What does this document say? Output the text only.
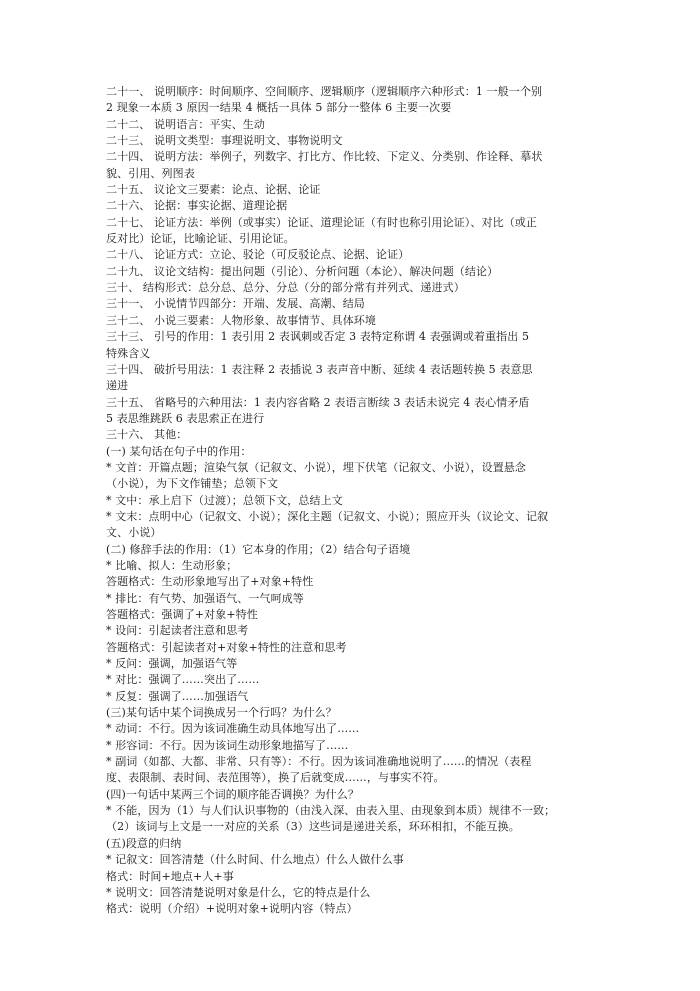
二十一、 说明顺序：时间顺序、空间顺序、逻辑顺序（逻辑顺序六种形式：1 一般一个别
2 现象一本质 3 原因一结果 4 概括一具体 5 部分一整体 6 主要一次要
二十二、 说明语言：平实、生动
二十三、 说明文类型：事理说明文、事物说明文
二十四、 说明方法：举例子，列数字、打比方、作比较、下定义、分类别、作诠释、摹状
貌、引用、列图表
二十五、 议论文三要素：论点、论据、论证
二十六、 论据：事实论据、道理论据
二十七、 论证方法：举例（或事实）论证、道理论证（有时也称引用论证）、对比（或正
反对比）论证，比喻论证、引用论证。
二十八、 论证方式：立论、驳论（可反驳论点、论据、论证）
二十九、 议论文结构：提出问题（引论）、分析问题（本论）、解决问题（结论）
三十、 结构形式：总分总、总分、分总（分的部分常有并列式、递进式）
三十一、 小说情节四部分：开端、发展、高潮、结局
三十二、 小说三要素：人物形象、故事情节、具体环境
三十三、 引号的作用：1 表引用 2 表讽刺或否定 3 表特定称谓 4 表强调或着重指出 5
特殊含义
三十四、 破折号用法：1 表注释 2 表插说 3 表声音中断、延续 4 表话题转换 5 表意思
递进
三十五、 省略号的六种用法：1 表内容省略 2 表语言断续 3 表话未说完 4 表心情矛盾
5 表思维跳跃 6 表思索正在进行
三十六、 其他：
(一) 某句话在句子中的作用：
* 文首：开篇点题；渲染气氛（记叙文、小说），埋下伏笔（记叙文、小说），设置悬念
（小说），为下文作铺垫；总领下文
* 文中：承上启下（过渡）；总领下文，总结上文
* 文末：点明中心（记叙文、小说）；深化主题（记叙文、小说）；照应开头（议论文、记叙
文、小说）
(二) 修辞手法的作用：（1）它本身的作用；（2）结合句子语境
* 比喻、拟人：生动形象；
答题格式：生动形象地写出了+对象+特性
* 排比：有气势、加强语气、一气呵成等
答题格式：强调了+对象+特性
* 设问：引起读者注意和思考
答题格式：引起读者对+对象+特性的注意和思考
* 反问：强调，加强语气等
* 对比：强调了……突出了……
* 反复：强调了……加强语气
(三)某句话中某个词换成另一个行吗？为什么？
* 动词：不行。因为该词准确生动具体地写出了……
* 形容词：不行。因为该词生动形象地描写了……
* 副词（如都、大都、非常、只有等）：不行。因为该词准确地说明了……的情况（表程
度、表限制、表时间、表范围等），换了后就变成……，与事实不符。
(四)一句话中某两三个词的顺序能否调换？为什么？
* 不能，因为（1）与人们认识事物的（由浅入深、由表入里、由现象到本质）规律不一致；
（2）该词与上文是一一对应的关系（3）这些词是递进关系，环环相扣，不能互换。
(五)段意的归纳
* 记叙文：回答清楚（什么时间、什么地点）什么人做什么事
格式：时间+地点+人+事
* 说明文：回答清楚说明对象是什么，它的特点是什么
格式：说明（介绍）+说明对象+说明内容（特点）
